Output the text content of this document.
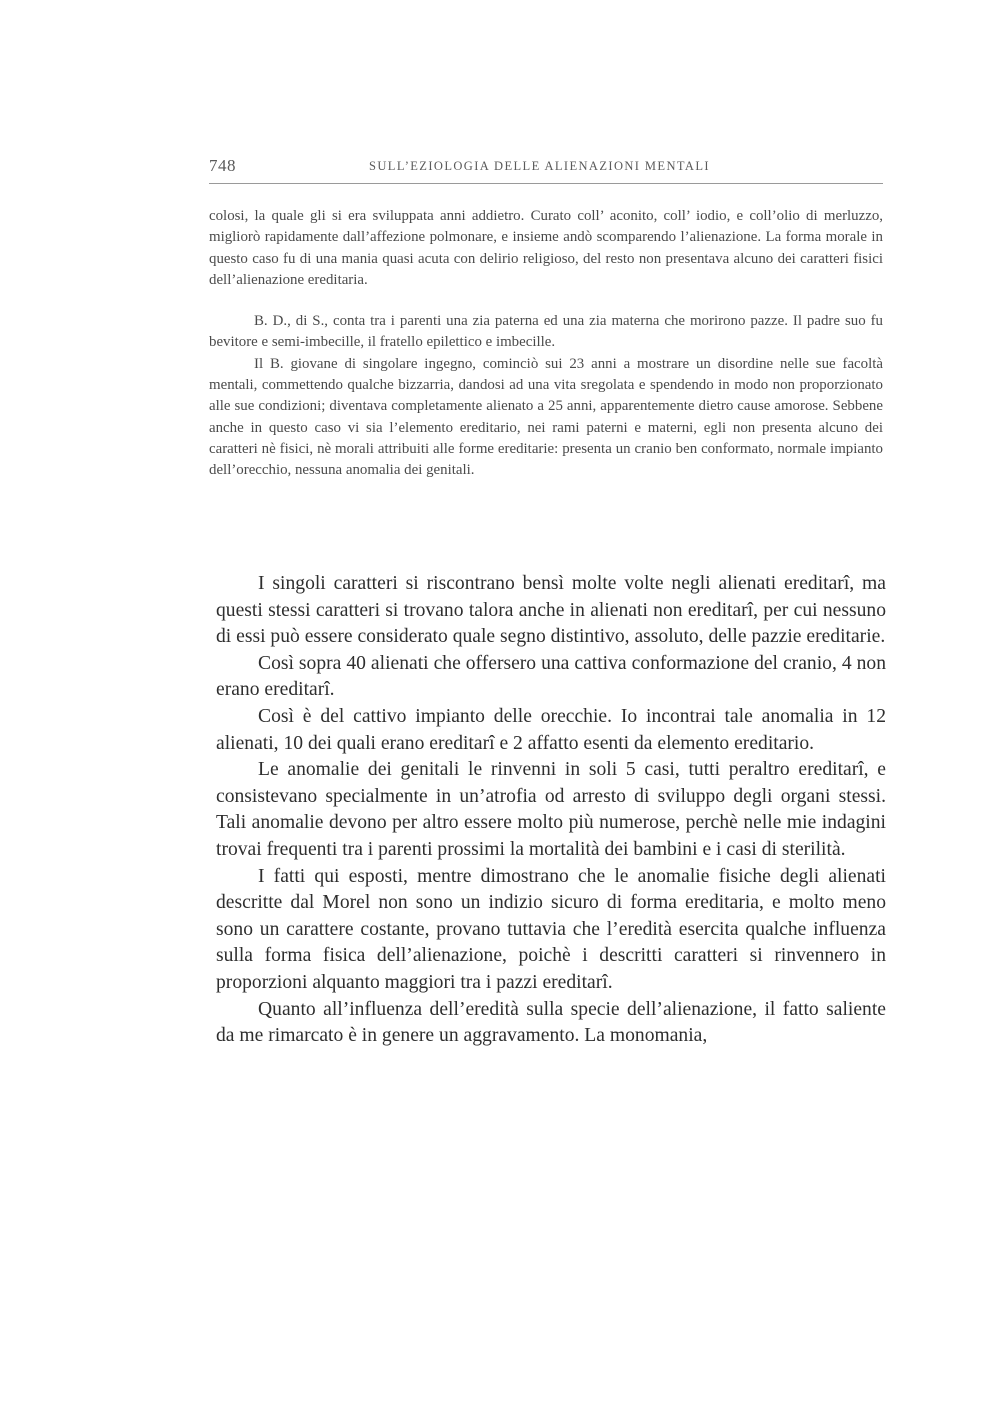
748	SULL’EZIOLOGIA DELLE ALIENAZIONI MENTALI

colosi, la quale gli si era sviluppata anni addietro. Curato coll’ aconito, coll’ iodio, e coll’olio di merluzzo, migliorò rapidamente dall’affezione polmonare, e insieme andò scomparendo l’alienazione. La forma morale in questo caso fu di una mania quasi acuta con delirio religioso, del resto non presentava alcuno dei caratteri fisici dell’alienazione ereditaria.

B. D., di S., conta tra i parenti una zia paterna ed una zia materna che morirono pazze. Il padre suo fu bevitore e semi-imbecille, il fratello epilettico e imbecille.

Il B. giovane di singolare ingegno, cominciò sui 23 anni a mostrare un disordine nelle sue facoltà mentali, commettendo qualche bizzarria, dandosi ad una vita sregolata e spendendo in modo non proporzionato alle sue condizioni; diventava completamente alienato a 25 anni, apparentemente dietro cause amorose. Sebbene anche in questo caso vi sia l’elemento ereditario, nei rami paterni e materni, egli non presenta alcuno dei caratteri nè fisici, nè morali attribuiti alle forme ereditarie: presenta un cranio ben conformato, normale impianto dell’orecchio, nessuna anomalia dei genitali.

I singoli caratteri si riscontrano bensì molte volte negli alienati ereditarî, ma questi stessi caratteri si trovano talora anche in alienati non ereditarî, per cui nessuno di essi può essere considerato quale segno distintivo, assoluto, delle pazzie ereditarie.

Così sopra 40 alienati che offersero una cattiva conformazione del cranio, 4 non erano ereditarî.

Così è del cattivo impianto delle orecchie. Io incontrai tale anomalia in 12 alienati, 10 dei quali erano ereditarî e 2 affatto esenti da elemento ereditario.

Le anomalie dei genitali le rinvenni in soli 5 casi, tutti peraltro ereditarî, e consistevano specialmente in un’atrofia od arresto di sviluppo degli organi stessi. Tali anomalie devono per altro essere molto più numerose, perchè nelle mie indagini trovai frequenti tra i parenti prossimi la mortalità dei bambini e i casi di sterilità.

I fatti qui esposti, mentre dimostrano che le anomalie fisiche degli alienati descritte dal Morel non sono un indizio sicuro di forma ereditaria, e molto meno sono un carattere costante, provano tuttavia che l’eredità esercita qualche influenza sulla forma fisica dell’alienazione, poichè i descritti caratteri si rinvennero in proporzioni alquanto maggiori tra i pazzi ereditarî.

Quanto all’influenza dell’eredità sulla specie dell’alienazione, il fatto saliente da me rimarcato è in genere un aggravamento. La monomania,
